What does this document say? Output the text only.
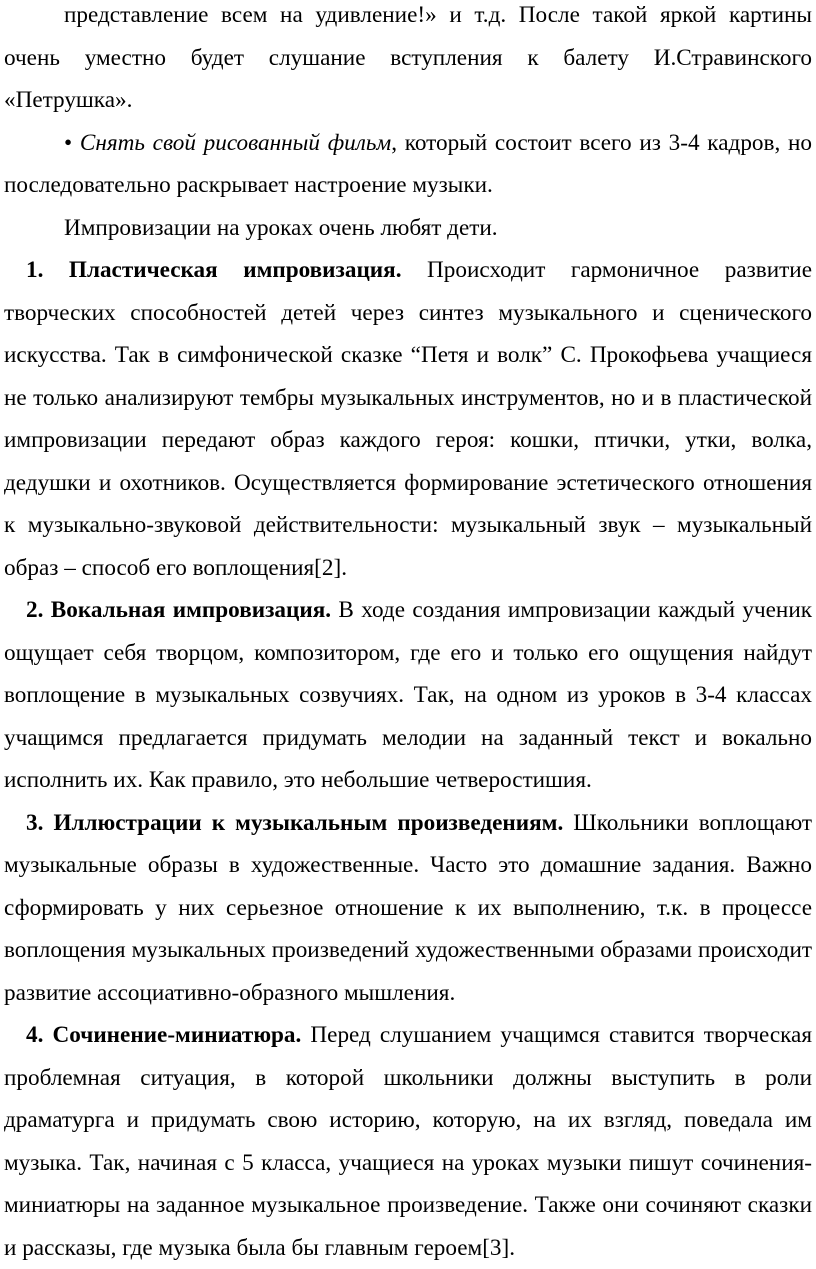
представление всем на удивление!» и т.д. После такой яркой картины очень уместно будет слушание вступления к балету И.Стравинского «Петрушка».

• Снять свой рисованный фильм, который состоит всего из 3-4 кадров, но последовательно раскрывает настроение музыки.

Импровизации на уроках очень любят дети.

1. Пластическая импровизация. Происходит гармоничное развитие творческих способностей детей через синтез музыкального и сценического искусства. Так в симфонической сказке “Петя и волк” С. Прокофьева учащиеся не только анализируют тембры музыкальных инструментов, но и в пластической импровизации передают образ каждого героя: кошки, птички, утки, волка, дедушки и охотников. Осуществляется формирование эстетического отношения к музыкально-звуковой действительности: музыкальный звук – музыкальный образ – способ его воплощения[2].

2. Вокальная импровизация. В ходе создания импровизации каждый ученик ощущает себя творцом, композитором, где его и только его ощущения найдут воплощение в музыкальных созвучиях. Так, на одном из уроков в 3-4 классах учащимся предлагается придумать мелодии на заданный текст и вокально исполнить их. Как правило, это небольшие четверостишия.

3. Иллюстрации к музыкальным произведениям. Школьники воплощают музыкальные образы в художественные. Часто это домашние задания. Важно сформировать у них серьезное отношение к их выполнению, т.к. в процессе воплощения музыкальных произведений художественными образами происходит развитие ассоциативно-образного мышления.

4. Сочинение-миниатюра. Перед слушанием учащимся ставится творческая проблемная ситуация, в которой школьники должны выступить в роли драматурга и придумать свою историю, которую, на их взгляд, поведала им музыка. Так, начиная с 5 класса, учащиеся на уроках музыки пишут сочинения-миниатюры на заданное музыкальное произведение. Также они сочиняют сказки и рассказы, где музыка была бы главным героем[3].
